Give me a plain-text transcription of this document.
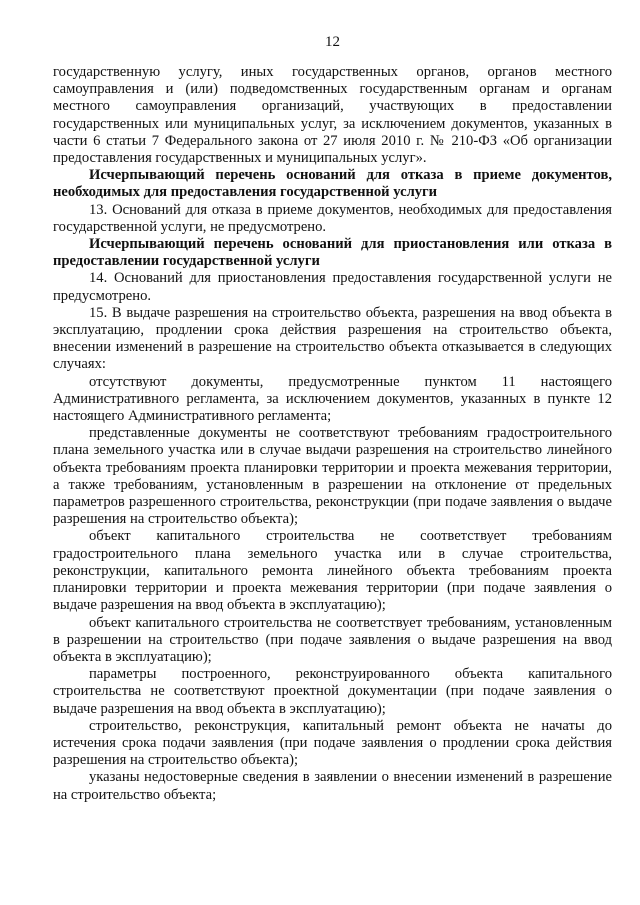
12

государственную услугу, иных государственных органов, органов местного самоуправления и (или) подведомственных государственным органам и органам местного самоуправления организаций, участвующих в предоставлении государственных или муниципальных услуг, за исключением документов, указанных в части 6 статьи 7 Федерального закона от 27 июля 2010 г. № 210-ФЗ «Об организации предоставления государственных и муниципальных услуг».

Исчерпывающий перечень оснований для отказа в приеме документов, необходимых для предоставления государственной услуги

13. Оснований для отказа в приеме документов, необходимых для предоставления государственной услуги, не предусмотрено.

Исчерпывающий перечень оснований для приостановления или отказа в предоставлении государственной услуги

14. Оснований для приостановления предоставления государственной услуги не предусмотрено.

15. В выдаче разрешения на строительство объекта, разрешения на ввод объекта в эксплуатацию, продлении срока действия разрешения на строительство объекта, внесении изменений в разрешение на строительство объекта отказывается в следующих случаях:

отсутствуют документы, предусмотренные пунктом 11 настоящего Административного регламента, за исключением документов, указанных в пункте 12 настоящего Административного регламента;

представленные документы не соответствуют требованиям градостроительного плана земельного участка или в случае выдачи разрешения на строительство линейного объекта требованиям проекта планировки территории и проекта межевания территории, а также требованиям, установленным в разрешении на отклонение от предельных параметров разрешенного строительства, реконструкции (при подаче заявления о выдаче разрешения на строительство объекта);

объект капитального строительства не соответствует требованиям градостроительного плана земельного участка или в случае строительства, реконструкции, капитального ремонта линейного объекта требованиям проекта планировки территории и проекта межевания территории (при подаче заявления о выдаче разрешения на ввод объекта в эксплуатацию);

объект капитального строительства не соответствует требованиям, установленным в разрешении на строительство (при подаче заявления о выдаче разрешения на ввод объекта в эксплуатацию);

параметры построенного, реконструированного объекта капитального строительства не соответствуют проектной документации (при подаче заявления о выдаче разрешения на ввод объекта в эксплуатацию);

строительство, реконструкция, капитальный ремонт объекта не начаты до истечения срока подачи заявления (при подаче заявления о продлении срока действия разрешения на строительство объекта);

указаны недостоверные сведения в заявлении о внесении изменений в разрешение на строительство объекта;
